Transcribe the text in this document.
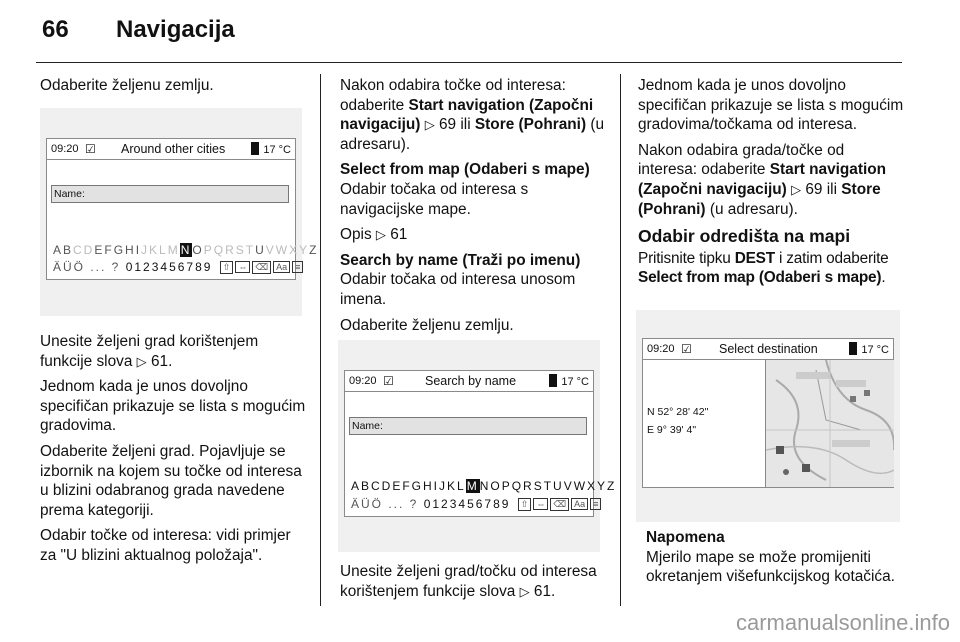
66 Navigacija

Odaberite željenu zemlju.

09:20 ☑ Around other cities	17 °C
Name:
ABCDEFGHIJKLMNOPQRSTUVWXYZ
ÄÜÖ ... ? 0123456789 ⇧ ⇔ ⌫ Aa ≡

Unesite željeni grad korištenjem funkcije slova ▷ 61.

Jednom kada je unos dovoljno specifičan prikazuje se lista s mogućim gradovima.

Odaberite željeni grad. Pojavljuje se izbornik na kojem su točke od interesa u blizini odabranog grada navedene prema kategoriji.

Odabir točke od interesa: vidi primjer za "U blizini aktualnog položaja".

Nakon odabira točke od interesa: odaberite Start navigation (Započni navigaciju) ▷ 69 ili Store (Pohrani) (u adresaru).

Select from map (Odaberi s mape)
Odabir točaka od interesa s navigacijske mape.

Opis ▷ 61

Search by name (Traži po imenu)
Odabir točaka od interesa unosom imena.

Odaberite željenu zemlju.

09:20 ☑ Search by name	17 °C
Name:
ABCDEFGHIJKLMNOPQRSTUVWXYZ
ÄÜÖ ... ? 0123456789 ⇧ ⇔ ⌫ Aa ≡

Unesite željeni grad/točku od interesa korištenjem funkcije slova ▷ 61.

Jednom kada je unos dovoljno specifičan prikazuje se lista s mogućim gradovima/točkama od interesa.

Nakon odabira grada/točke od interesa: odaberite Start navigation (Započni navigaciju) ▷ 69 ili Store (Pohrani) (u adresaru).

Odabir odredišta na mapi

Pritisnite tipku DEST i zatim odaberite Select from map (Odaberi s mape).

09:20 ☑ Select destination	17 °C
N 52° 28' 42"
E 9° 39' 4"

Napomena

Mjerilo mape se može promijeniti okretanjem višefunkcijskog kotačića.

carmanualsonline.info
